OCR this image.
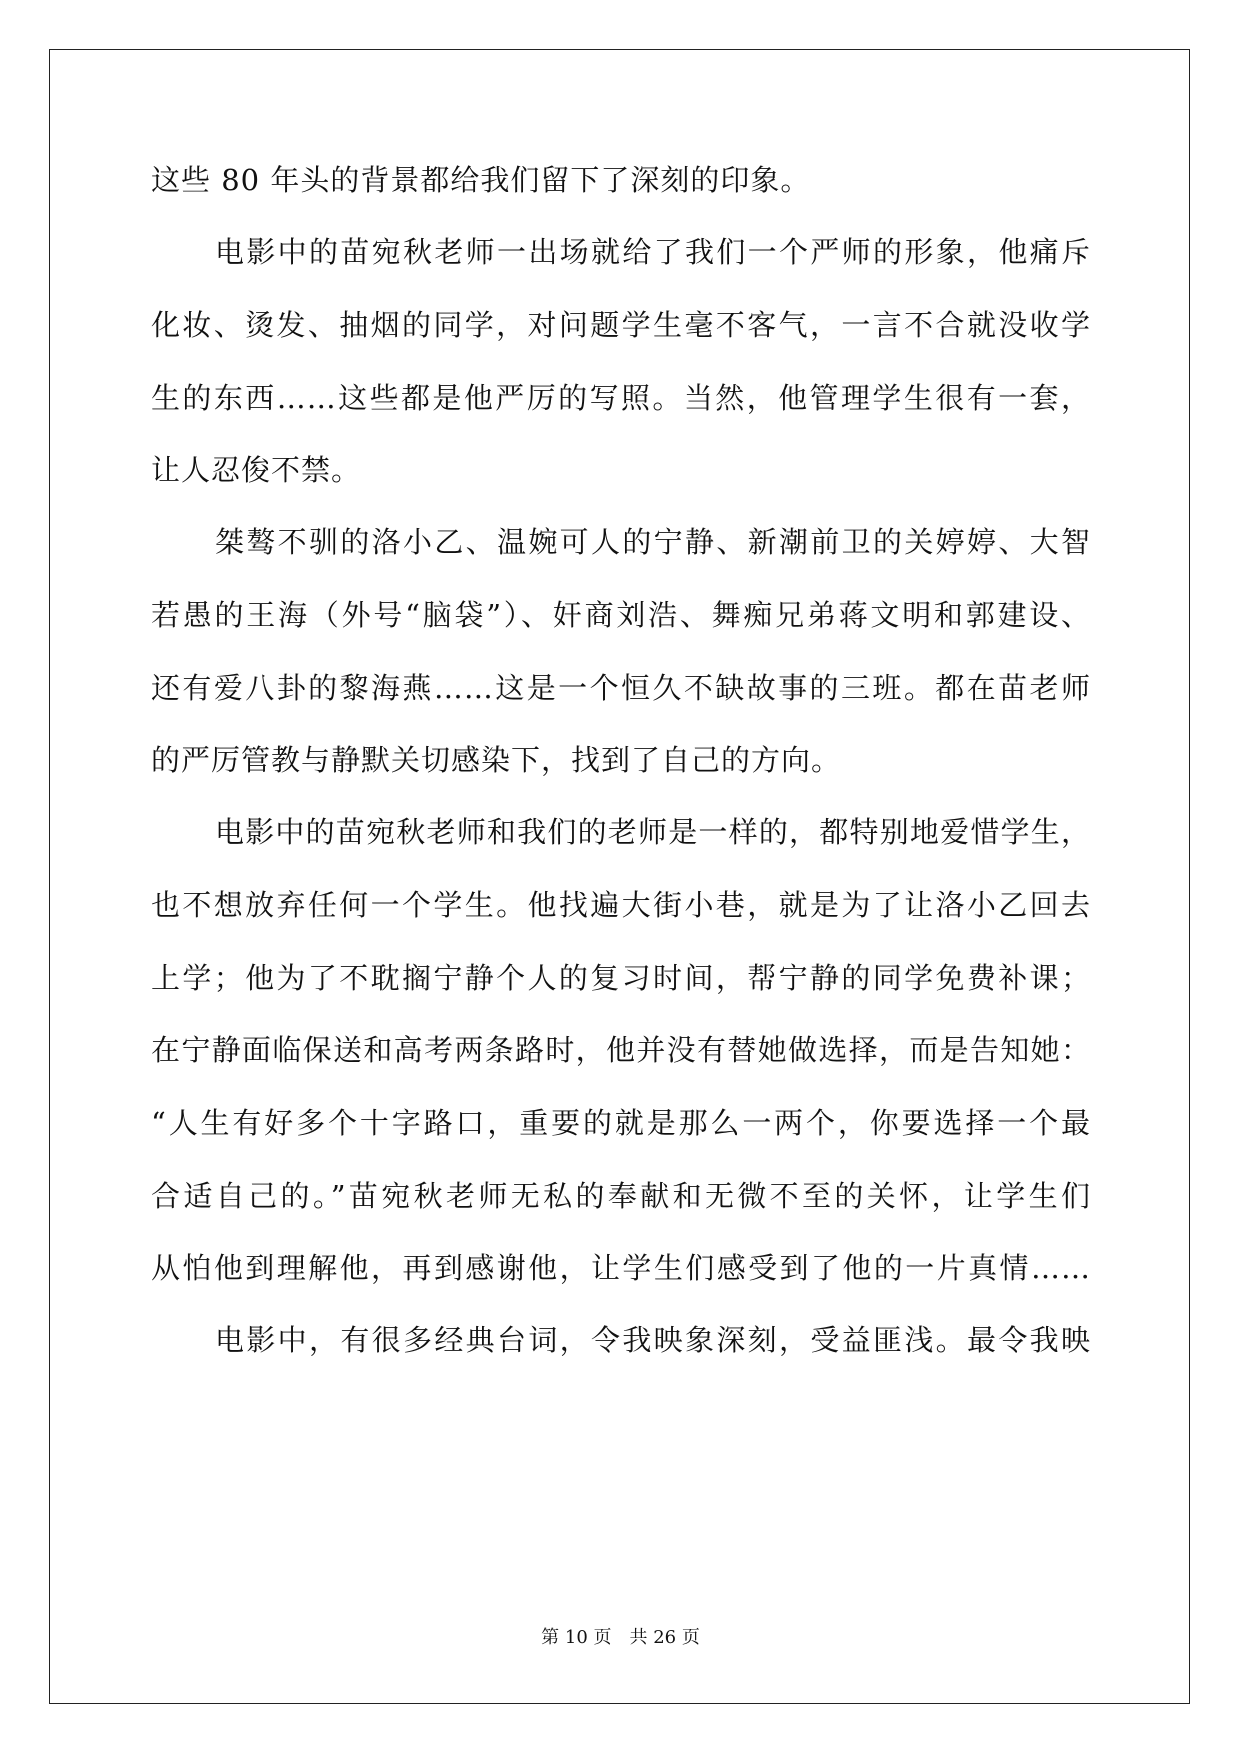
这些 80 年头的背景都给我们留下了深刻的印象。
电影中的苗宛秋老师一出场就给了我们一个严师的形象，他痛斥
化妆、烫发、抽烟的同学，对问题学生毫不客气，一言不合就没收学
生的东西……这些都是他严厉的写照。当然，他管理学生很有一套，
让人忍俊不禁。
桀骜不驯的洛小乙、温婉可人的宁静、新潮前卫的关婷婷、大智
若愚的王海（外号“脑袋”）、奸商刘浩、舞痴兄弟蒋文明和郭建设、
还有爱八卦的黎海燕……这是一个恒久不缺故事的三班。都在苗老师
的严厉管教与静默关切感染下，找到了自己的方向。
电影中的苗宛秋老师和我们的老师是一样的，都特别地爱惜学生，
也不想放弃任何一个学生。他找遍大街小巷，就是为了让洛小乙回去
上学；他为了不耽搁宁静个人的复习时间，帮宁静的同学免费补课；
在宁静面临保送和高考两条路时，他并没有替她做选择，而是告知她：
“人生有好多个十字路口，重要的就是那么一两个，你要选择一个最
合适自己的。”苗宛秋老师无私的奉献和无微不至的关怀，让学生们
从怕他到理解他，再到感谢他，让学生们感受到了他的一片真情……
电影中，有很多经典台词，令我映象深刻，受益匪浅。最令我映
第 10 页　共 26 页
